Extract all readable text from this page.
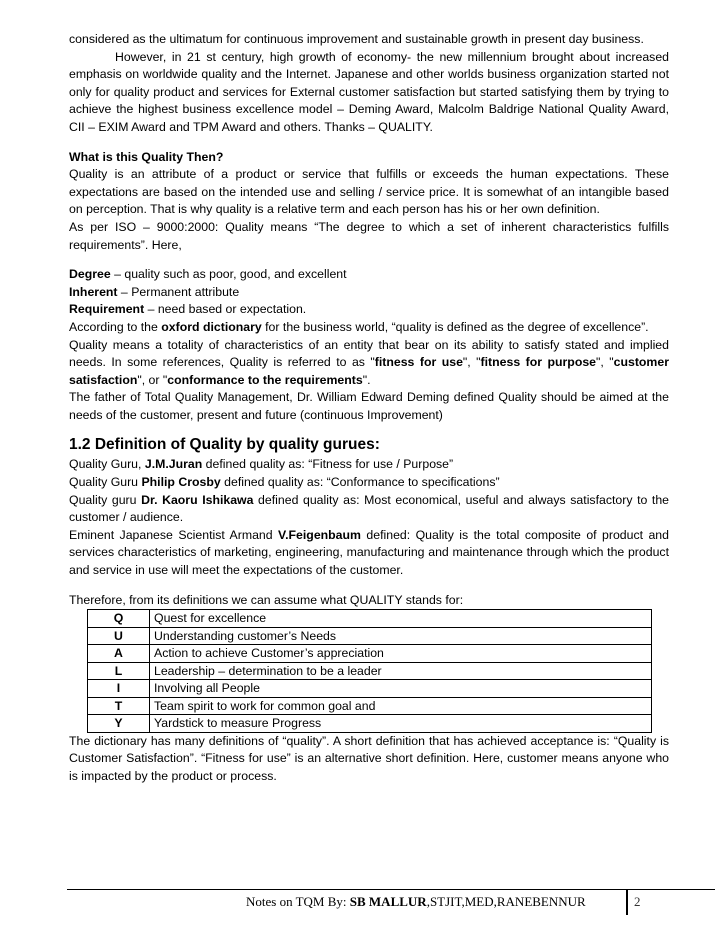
considered as the ultimatum for continuous improvement and sustainable growth in present day business.

However, in 21 st century, high growth of economy- the new millennium brought about increased emphasis on worldwide quality and the Internet. Japanese and other worlds business organization started not only for quality product and services for External customer satisfaction but started satisfying them by trying to achieve the highest business excellence model – Deming Award, Malcolm Baldrige National Quality Award, CII – EXIM Award and TPM Award and others. Thanks – QUALITY.

What is this Quality Then?

Quality is an attribute of a product or service that fulfills or exceeds the human expectations. These expectations are based on the intended use and selling / service price. It is somewhat of an intangible based on perception. That is why quality is a relative term and each person has his or her own definition.

As per ISO – 9000:2000: Quality means “The degree to which a set of inherent characteristics fulfills requirements”. Here,

Degree – quality such as poor, good, and excellent

Inherent – Permanent attribute

Requirement – need based or expectation.

According to the oxford dictionary for the business world, “quality is defined as the degree of excellence”.

Quality means a totality of characteristics of an entity that bear on its ability to satisfy stated and implied needs. In some references, Quality is referred to as "fitness for use", "fitness for purpose", "customer satisfaction", or "conformance to the requirements".

The father of Total Quality Management, Dr. William Edward Deming defined Quality should be aimed at the needs of the customer, present and future (continuous Improvement)

1.2 Definition of Quality by quality gurues:

Quality Guru, J.M.Juran defined quality as: “Fitness for use / Purpose”

Quality Guru Philip Crosby defined quality as: “Conformance to specifications”

Quality guru Dr. Kaoru Ishikawa defined quality as: Most economical, useful and always satisfactory to the customer / audience.

Eminent Japanese Scientist Armand V.Feigenbaum defined: Quality is the total composite of product and services characteristics of marketing, engineering, manufacturing and maintenance through which the product and service in use will meet the expectations of the customer.

Therefore, from its definitions we can assume what QUALITY stands for:

Q	Quest for excellence
U	Understanding customer’s Needs
A	Action to achieve Customer’s appreciation
L	Leadership – determination to be a leader
I	Involving all People
T	Team spirit to work for common goal and
Y	Yardstick to measure Progress

The dictionary has many definitions of “quality”. A short definition that has achieved acceptance is: “Quality is Customer Satisfaction”. “Fitness for use” is an alternative short definition. Here, customer means anyone who is impacted by the product or process.

Notes on TQM By: SB MALLUR,STJIT,MED,RANEBENNUR	2
